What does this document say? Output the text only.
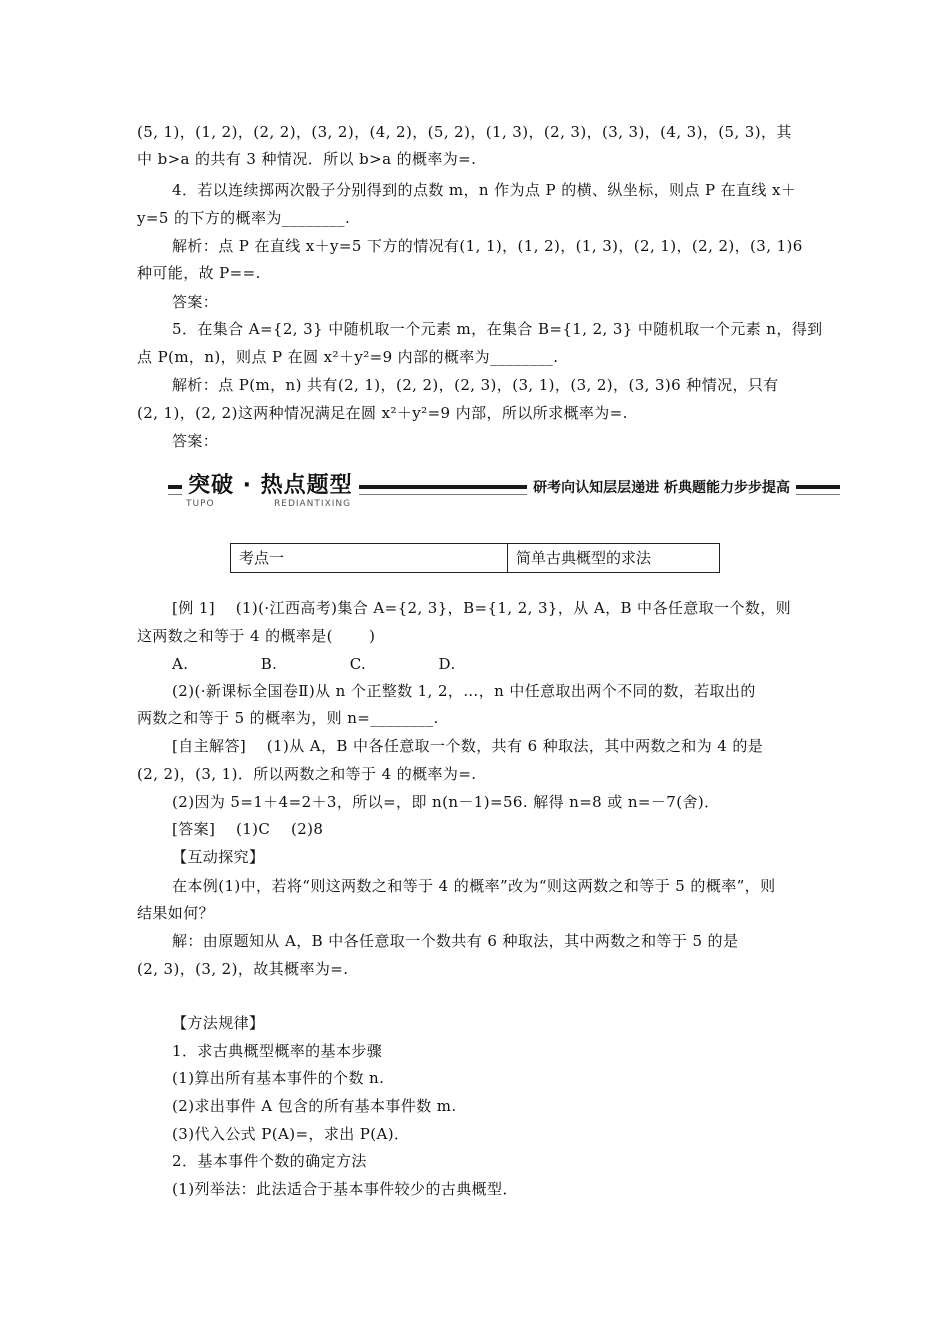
(5, 1)，(1, 2)，(2, 2)，(3, 2)，(4, 2)，(5, 2)，(1, 3)，(2, 3)，(3, 3)，(4, 3)，(5, 3)，其
中 b>a 的共有 3 种情况．所以 b>a 的概率为=.
4．若以连续掷两次骰子分别得到的点数 m，n 作为点 P 的横、纵坐标，则点 P 在直线 x＋
y=5 的下方的概率为________.
解析：点 P 在直线 x＋y=5 下方的情况有(1, 1)，(1, 2)，(1, 3)，(2, 1)，(2, 2)，(3, 1)6
种可能，故 P==.
答案：
5．在集合 A={2, 3} 中随机取一个元素 m，在集合 B={1, 2, 3} 中随机取一个元素 n，得到
点 P(m，n)，则点 P 在圆 x²＋y²=9 内部的概率为________.
解析：点 P(m，n) 共有(2, 1)，(2, 2)，(2, 3)，(3, 1)，(3, 2)，(3, 3)6 种情况，只有
(2, 1)，(2, 2)这两种情况满足在圆 x²＋y²=9 内部，所以所求概率为=.
答案：
突破 · 热点题型	研考向认知层层递进 析典题能力步步提高
TUPO	REDIANTIXING
考点一	简单古典概型的求法
[例 1]    (1)(·江西高考)集合 A={2, 3}，B={1, 2, 3}，从 A，B 中各任意取一个数，则
这两数之和等于 4 的概率是(       )
A.              B.              C.              D.
(2)(·新课标全国卷Ⅱ)从 n 个正整数 1, 2，…，n 中任意取出两个不同的数，若取出的
两数之和等于 5 的概率为，则 n=________.
[自主解答]    (1)从 A，B 中各任意取一个数，共有 6 种取法，其中两数之和为 4 的是
(2, 2)，(3, 1)．所以两数之和等于 4 的概率为=.
(2)因为 5=1＋4=2＋3，所以=，即 n(n－1)=56. 解得 n=8 或 n=－7(舍)．
[答案]    (1)C    (2)8
【互动探究】
在本例(1)中，若将“则这两数之和等于 4 的概率”改为“则这两数之和等于 5 的概率”，则
结果如何？
解：由原题知从 A，B 中各任意取一个数共有 6 种取法，其中两数之和等于 5 的是
(2, 3)，(3, 2)，故其概率为=.
【方法规律】
1．求古典概型概率的基本步骤
(1)算出所有基本事件的个数 n.
(2)求出事件 A 包含的所有基本事件数 m.
(3)代入公式 P(A)=，求出 P(A)．
2．基本事件个数的确定方法
(1)列举法：此法适合于基本事件较少的古典概型．
